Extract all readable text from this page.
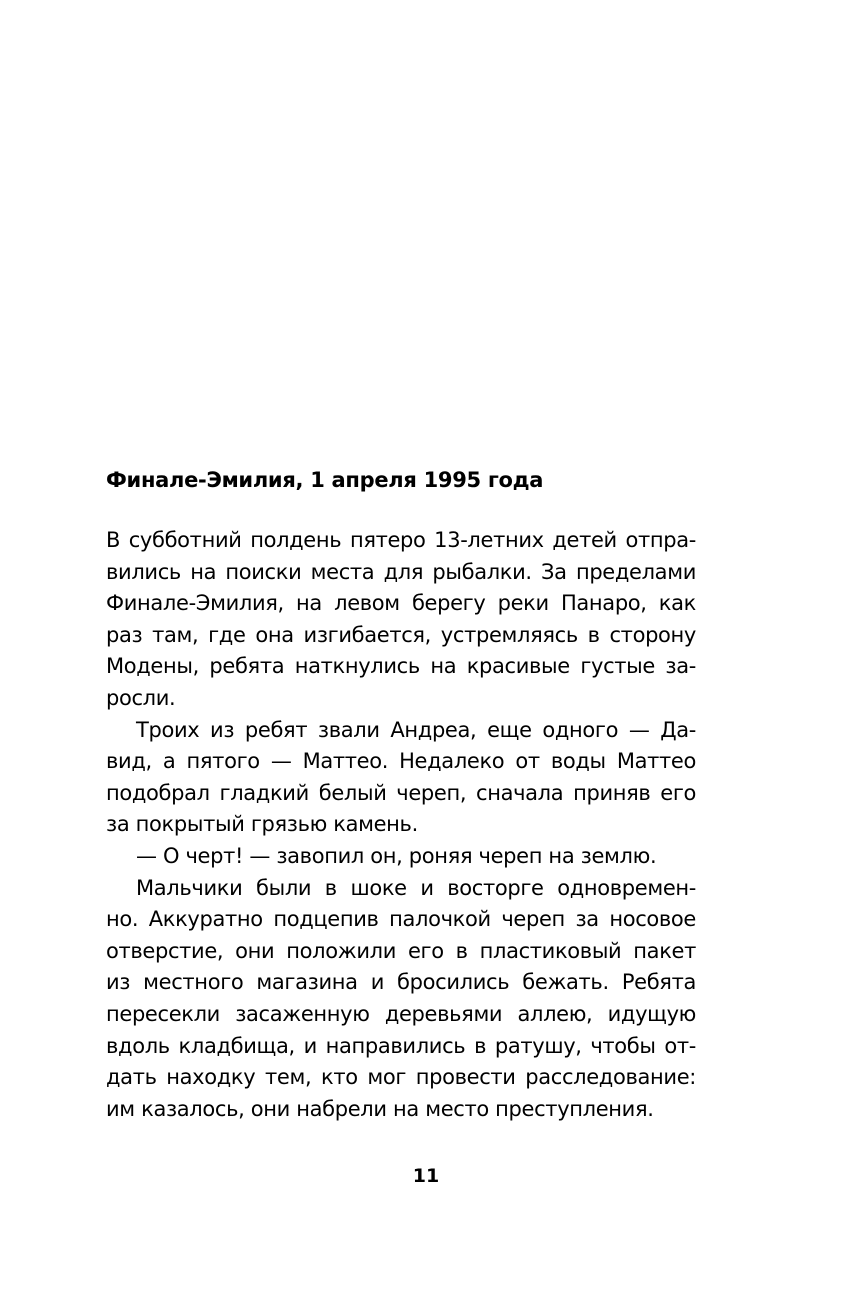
Финале-Эмилия, 1 апреля 1995 года
В субботний полдень пятеро 13-летних детей отпра-
вились на поиски места для рыбалки. За пределами
Финале-Эмилия, на левом берегу реки Панаро, как
раз там, где она изгибается, устремляясь в сторону
Модены, ребята наткнулись на красивые густые за-
росли.
Троих из ребят звали Андреа, еще одного — Да-
вид, а пятого — Маттео. Недалеко от воды Маттео
подобрал гладкий белый череп, сначала приняв его
за покрытый грязью камень.
— О черт! — завопил он, роняя череп на землю.
Мальчики были в шоке и восторге одновремен-
но. Аккуратно подцепив палочкой череп за носовое
отверстие, они положили его в пластиковый пакет
из местного магазина и бросились бежать. Ребята
пересекли засаженную деревьями аллею, идущую
вдоль кладбища, и направились в ратушу, чтобы от-
дать находку тем, кто мог провести расследование:
им казалось, они набрели на место преступления.
11
